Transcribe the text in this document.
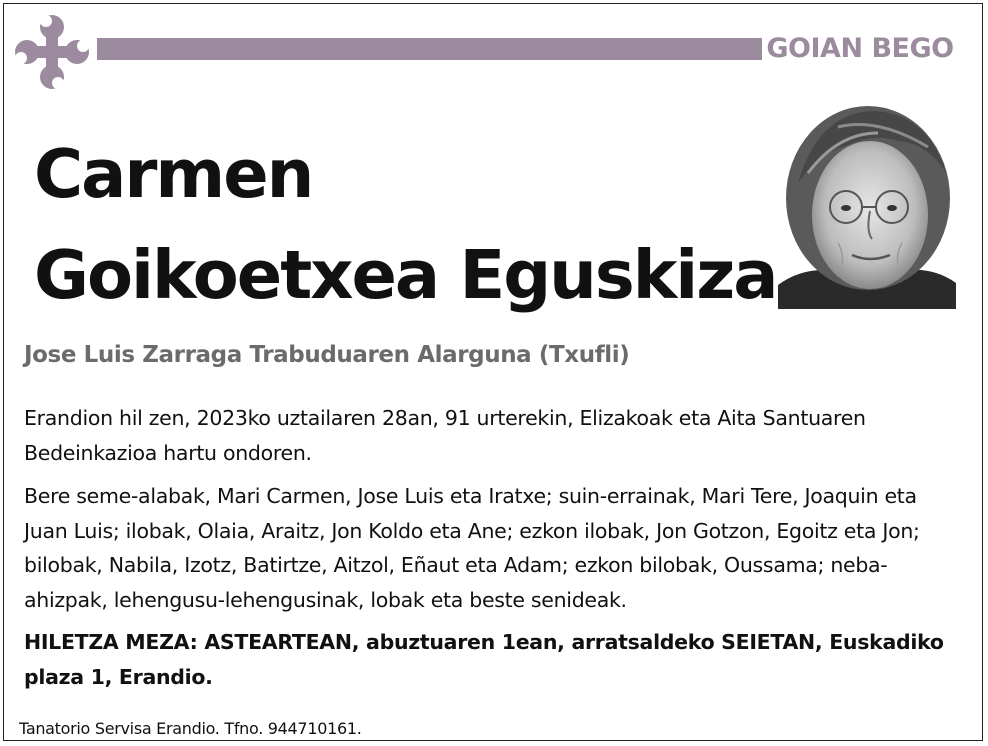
GOIAN BEGO
Carmen
Goikoetxea Eguskiza
Jose Luis Zarraga Trabuduaren Alarguna (Txufli)

Erandion hil zen, 2023ko uztailaren 28an, 91 urterekin, Elizakoak eta Aita Santuaren Bedeinkazioa hartu ondoren.

Bere seme-alabak, Mari Carmen, Jose Luis eta Iratxe; suin-errainak, Mari Tere, Joaquin eta Juan Luis; ilobak, Olaia, Araitz, Jon Koldo eta Ane; ezkon ilobak, Jon Gotzon, Egoitz eta Jon; bilobak, Nabila, Izotz, Batirtze, Aitzol, Eñaut eta Adam; ezkon bilobak, Oussama; neba-ahizpak, lehengusu-lehengusinak, lobak eta beste senideak.

HILETZA MEZA: ASTEARTEAN, abuztuaren 1ean, arratsaldeko SEIETAN, Euskadiko plaza 1, Erandio.

Tanatorio Servisa Erandio. Tfno. 944710161.
